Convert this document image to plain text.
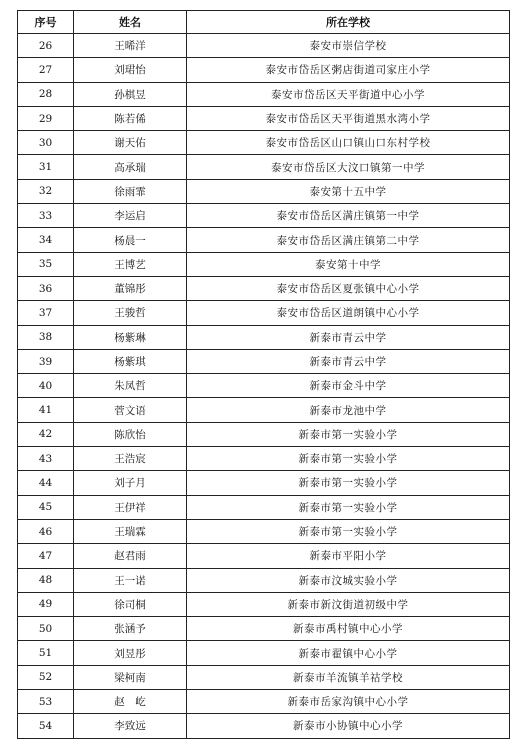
序号	姓名	所在学校
26	王晞洋	泰安市崇信学校
27	刘珺怡	泰安市岱岳区粥店街道司家庄小学
28	孙棋昱	泰安市岱岳区天平街道中心小学
29	陈若俙	泰安市岱岳区天平街道黑水湾小学
30	谢天佑	泰安市岱岳区山口镇山口东村学校
31	高承瑞	泰安市岱岳区大汶口镇第一中学
32	徐雨霏	泰安第十五中学
33	李运启	泰安市岱岳区满庄镇第一中学
34	杨晨一	泰安市岱岳区满庄镇第二中学
35	王博艺	泰安第十中学
36	董锦彤	泰安市岱岳区夏张镇中心小学
37	王骏哲	泰安市岱岳区道朗镇中心小学
38	杨紫琳	新泰市青云中学
39	杨紫琪	新泰市青云中学
40	朱凤哲	新泰市金斗中学
41	菅文语	新泰市龙池中学
42	陈欣怡	新泰市第一实验小学
43	王浩宸	新泰市第一实验小学
44	刘子月	新泰市第一实验小学
45	王伊祥	新泰市第一实验小学
46	王瑞霖	新泰市第一实验小学
47	赵君雨	新泰市平阳小学
48	王一诺	新泰市汶城实验小学
49	徐司桐	新泰市新汶街道初级中学
50	张涵予	新泰市禹村镇中心小学
51	刘昱彤	新泰市翟镇中心小学
52	梁柯南	新泰市羊流镇羊祜学校
53	赵　屹	新泰市岳家沟镇中心小学
54	李致远	新泰市小协镇中心小学
